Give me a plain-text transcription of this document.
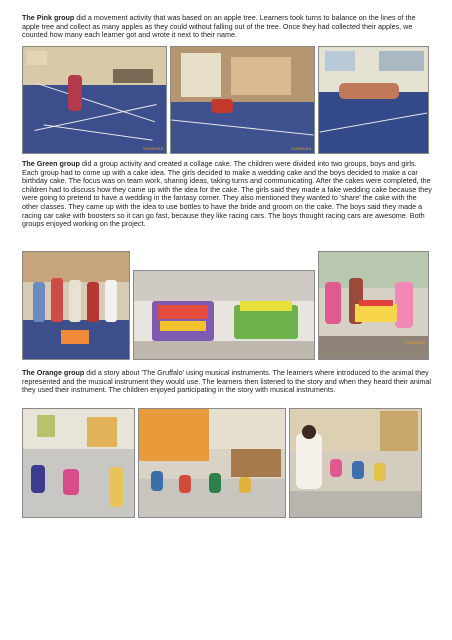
The Pink group did a movement activity that was based on an apple tree. Learners took turns to balance on the lines of the apple tree and collect as many apples as they could without falling out of the tree. Once they had collected their apples, we counted how many each learner got and wrote it next to their name.

21/05/2015	21/05/2015

The Green group did a group activity and created a collage cake. The children were divided into two groups, boys and girls. Each group had to come up with a cake idea. The girls decided to make a wedding cake and the boys decided to make a car birthday cake. The focus was on team work, sharing ideas, taking turns and communicating. After the cakes were completed, the children had to discuss how they came up with the idea for the cake. The girls said they made a fake wedding cake because they were going to pretend to have a wedding in the fantasy corner. They also mentioned they wanted to 'share' the cake with the other classes. They came up with the idea to use bottles to have the bride and groom on the cake. The boys said they made a racing car cake with boosters so it can go fast, because they like racing cars. The boys thought racing cars are awesome. Both groups enjoyed working on the project.

21/05/2015

The Orange group did a story about 'The Gruffalo' using musical instruments. The learners where introduced to the animal they represented and the musical instrument they would use. The learners then listened to the story and when they heard their animal they used their instrument. The children enjoyed participating in the story with musical instruments.
